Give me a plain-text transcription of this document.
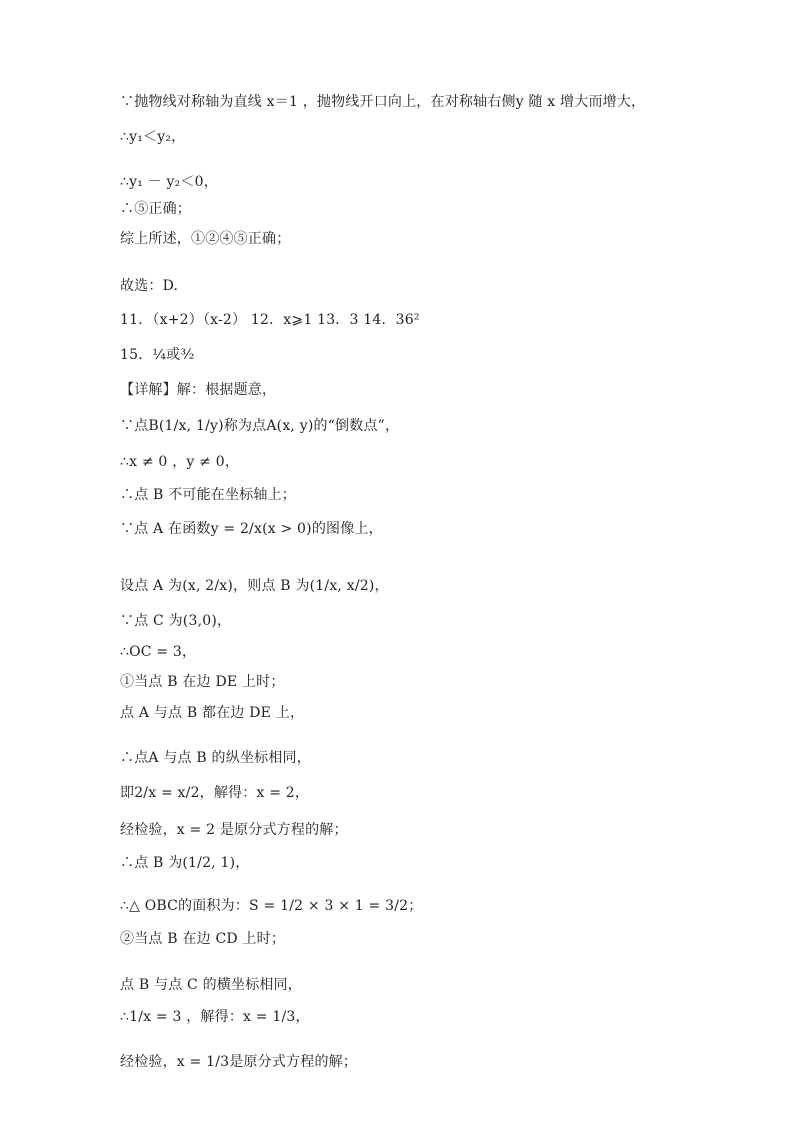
∵抛物线对称轴为直线 x＝1 ，抛物线开口向上，在对称轴右侧y 随 x 增大而增大，
∴y₁＜y₂，
∴y₁ － y₂＜0，
∴⑤正确；
综上所述，①②④⑤正确；
故选：D.
11．（x+2）（x-2） 12．x⩾1 13．3 14．36²
15．¼或³⁄₂
【详解】解：根据题意，
∵点B(1/x, 1/y)称为点A(x, y)的“倒数点”，
∴x ≠ 0 ，y ≠ 0，
∴点 B 不可能在坐标轴上；
∵点 A 在函数y = 2/x(x > 0)的图像上，
设点 A 为(x, 2/x)，则点 B 为(1/x, x/2)，
∵点 C 为(3,0)，
∴OC = 3，
①当点 B 在边 DE 上时；
点 A 与点 B 都在边 DE 上，
∴点A 与点 B 的纵坐标相同，
即2/x = x/2，解得：x = 2，
经检验，x = 2 是原分式方程的解；
∴点 B 为(1/2, 1)，
∴△ OBC的面积为：S = 1/2 × 3 × 1 = 3/2；
②当点 B 在边 CD 上时；
点 B 与点 C 的横坐标相同，
∴1/x = 3 ，解得：x = 1/3，
经检验，x = 1/3是原分式方程的解；
